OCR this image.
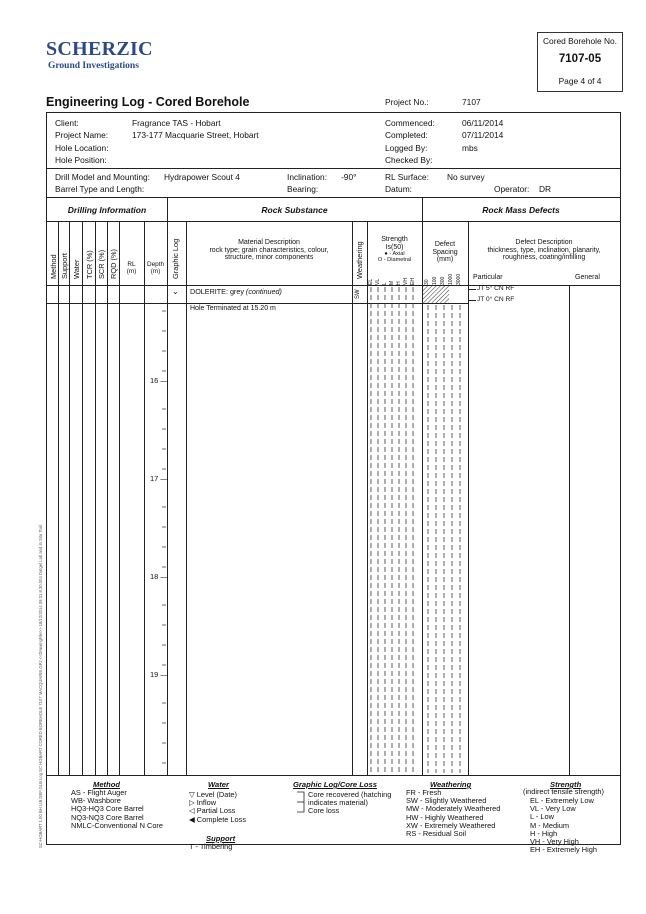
SCHERZIC
Ground Investigations
Cored Borehole No.
7107-05
Page 4 of 4
Engineering Log - Cored Borehole	Project No.:	7107
Client:	Fragrance TAS - Hobart
Project Name:	173-177 Macquarie Street, Hobart
Hole Location:
Hole Position:
Commenced:	06/11/2014
Completed:	07/11/2014
Logged By:	mbs
Checked By:
Drill Model and Mounting: Hydrapower Scout 4
Barrel Type and Length:
Inclination: -90°
Bearing:
RL Surface: No survey
Datum:	Operator: DR
Drilling Information	Rock Substance	Rock Mass Defects
Method Support Water TCR (%) SCR (%) RQD (%)	Graphic Log	Weathering
RL
(m)
Depth
(m)
Material Description
rock type; grain characteristics, colour,
structure, minor components
Strength
Is(50)
● - Axial
O - Diametral
EL VL L M H VH EH
Defect
Spacing
(mm)
30 100 300 1000 3000
Defect Description
thickness, type, inclination, planarity,
roughness, coating/infilling
Particular	General
⌄ DOLERITE: grey (continued)	SW
Hole Terminated at 15.20 m
JT 5° CN RF
JT 0° CN RF
16 —
17 —
18 —
19 —
Method
AS - Flight Auger
WB- Washbore
HQ3-HQ3 Core Barrel
NQ3-NQ3 Core Barrel
NMLC-Conventional N Core
Water
▽ Level (Date)
▷ Inflow
◁ Partial Loss
◀ Complete Loss
Support
T - Timbering
Graphic Log/Core Loss
Core recovered (hatching
indicates material)
Core loss
Weathering
FR - Fresh
SW - Slightly Weathered
MW - Moderately Weathered
HW - Highly Weathered
XW - Extremely Weathered
RS - Residual Soil
Strength
(indirect tensile strength)
EL - Extremely Low
VL - Very Low
L - Low
M - Medium
H - High
VH - Very High
EH - Extremely High
SC-HOBART 1.00 BH LIB DEF.GLB Log SC HOBART CORED BOREHOLE 7107 MACQUARIE.GPJ <<DrawingFile>> 18/12/2014 09:31 8.30.004 Datgel Lab and In Situ Tool
